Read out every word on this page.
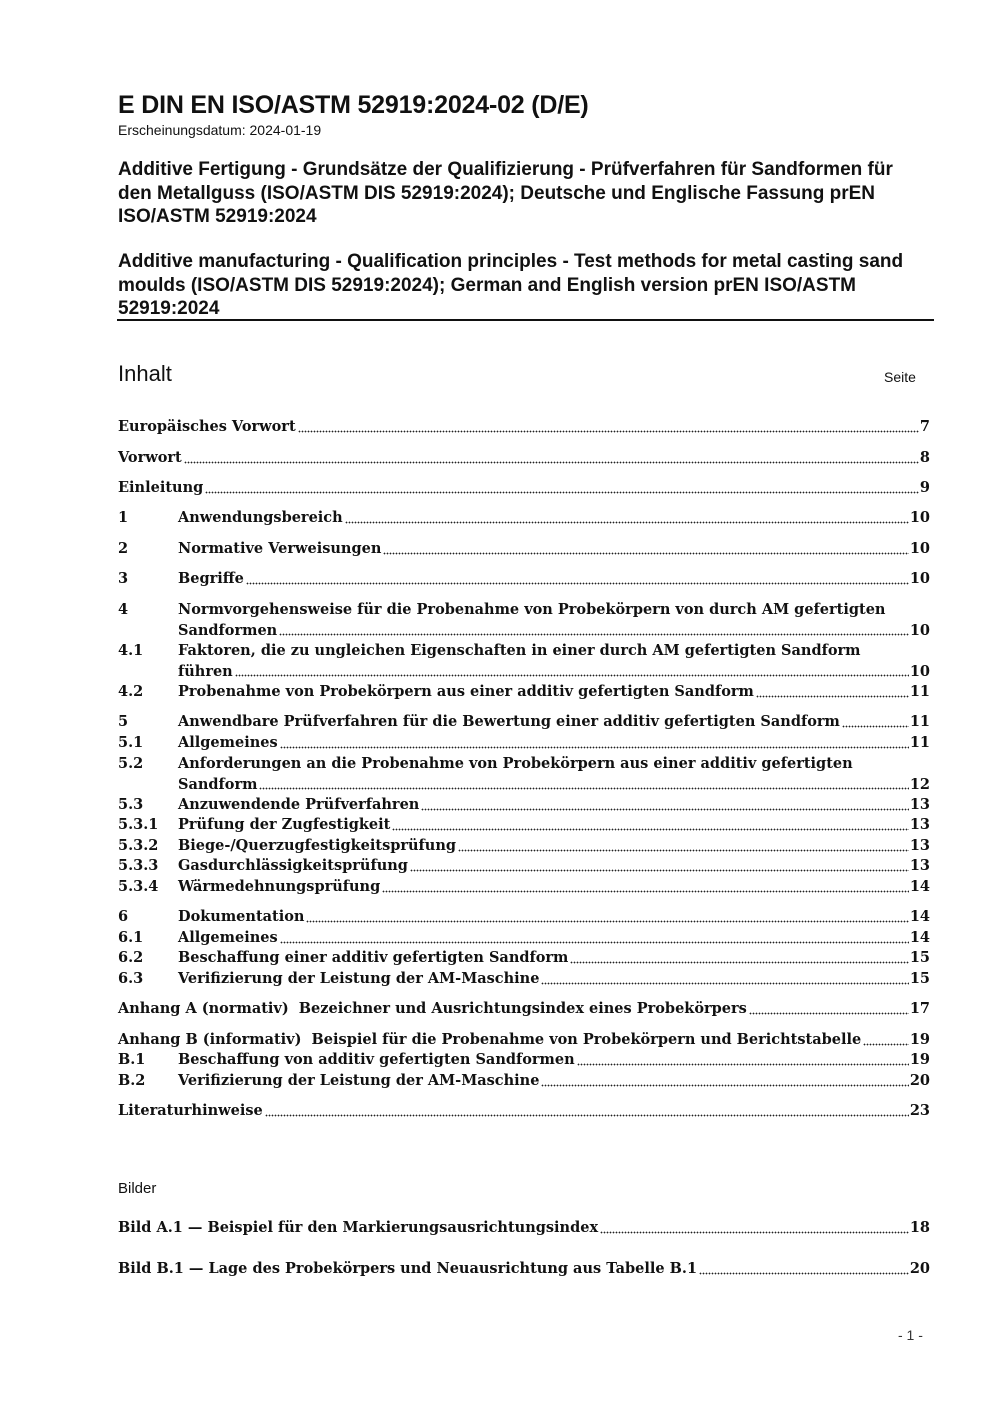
E DIN EN ISO/ASTM 52919:2024-02 (D/E)
Erscheinungsdatum: 2024-01-19
Additive Fertigung - Grundsätze der Qualifizierung - Prüfverfahren für Sandformen für den Metallguss (ISO/ASTM DIS 52919:2024); Deutsche und Englische Fassung prEN ISO/ASTM 52919:2024
Additive manufacturing - Qualification principles - Test methods for metal casting sand moulds (ISO/ASTM DIS 52919:2024); German and English version prEN ISO/ASTM 52919:2024
Inhalt	Seite
Europäisches Vorwort	7
Vorwort	8
Einleitung	9
1	Anwendungsbereich	10
2	Normative Verweisungen	10
3	Begriffe	10
4	Normvorgehensweise für die Probenahme von Probekörpern von durch AM gefertigten
Sandformen	10
4.1	Faktoren, die zu ungleichen Eigenschaften in einer durch AM gefertigten Sandform
führen	10
4.2	Probenahme von Probekörpern aus einer additiv gefertigten Sandform	11
5	Anwendbare Prüfverfahren für die Bewertung einer additiv gefertigten Sandform	11
5.1	Allgemeines	11
5.2	Anforderungen an die Probenahme von Probekörpern aus einer additiv gefertigten
Sandform	12
5.3	Anzuwendende Prüfverfahren	13
5.3.1	Prüfung der Zugfestigkeit	13
5.3.2	Biege-/Querzugfestigkeitsprüfung	13
5.3.3	Gasdurchlässigkeitsprüfung	13
5.3.4	Wärmedehnungsprüfung	14
6	Dokumentation	14
6.1	Allgemeines	14
6.2	Beschaffung einer additiv gefertigten Sandform	15
6.3	Verifizierung der Leistung der AM-Maschine	15
Anhang A (normativ)  Bezeichner und Ausrichtungsindex eines Probekörpers	17
Anhang B (informativ)  Beispiel für die Probenahme von Probekörpern und Berichtstabelle	19
B.1	Beschaffung von additiv gefertigten Sandformen	19
B.2	Verifizierung der Leistung der AM-Maschine	20
Literaturhinweise	23
Bilder
Bild A.1 — Beispiel für den Markierungsausrichtungsindex	18
Bild B.1 — Lage des Probekörpers und Neuausrichtung aus Tabelle B.1	20
- 1 -
